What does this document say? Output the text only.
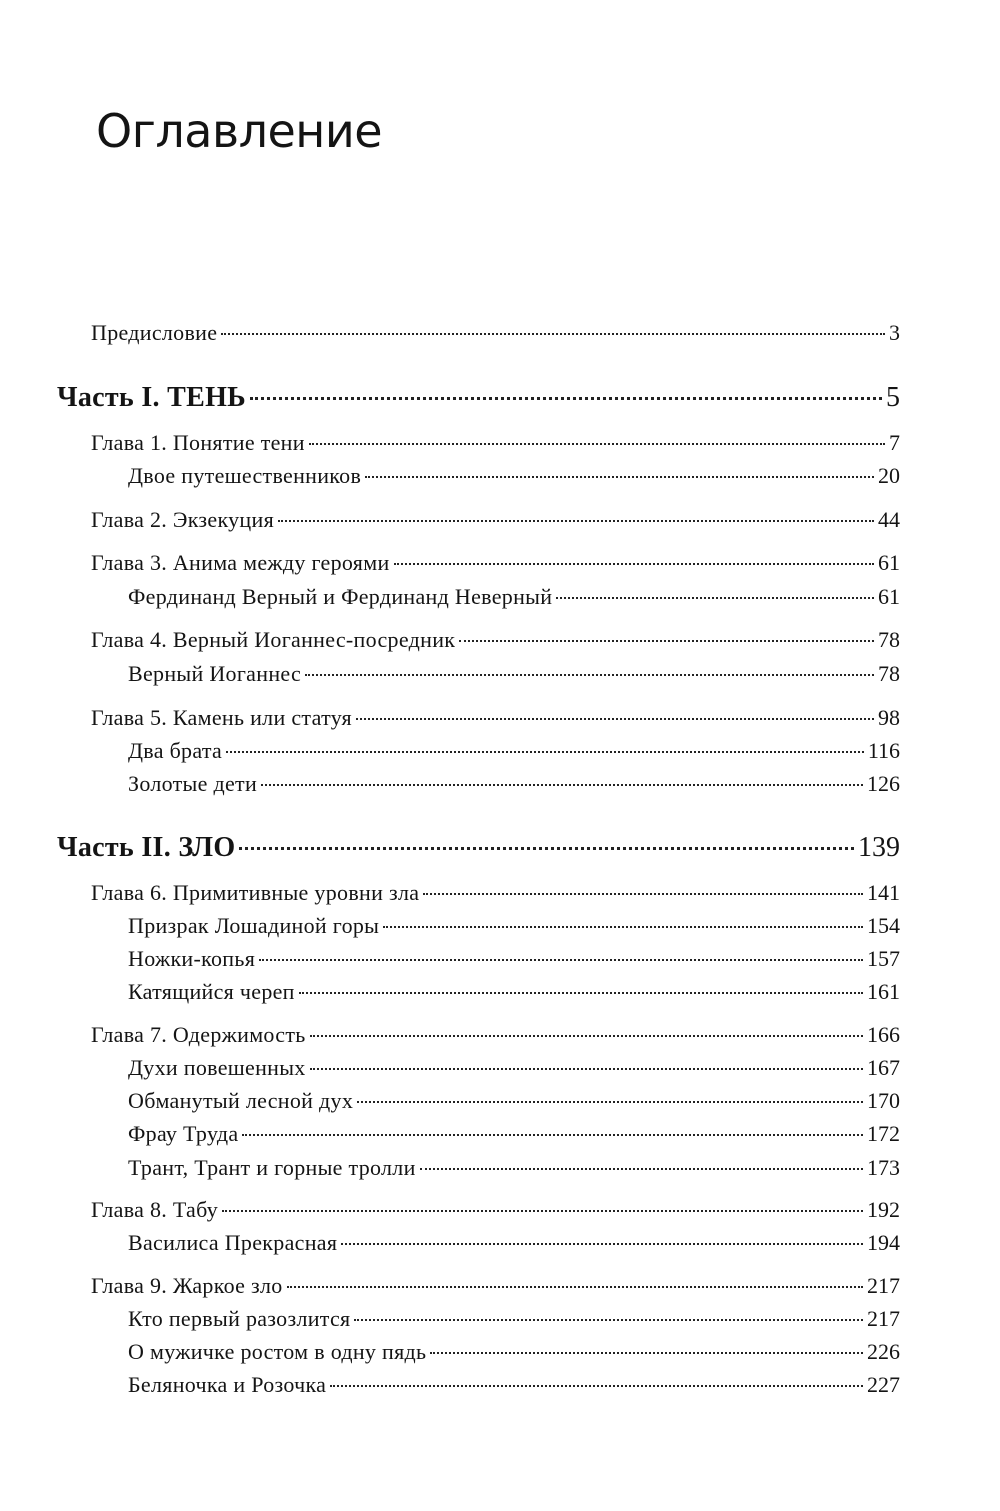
Оглавление
Предисловие	3
Часть I. ТЕНЬ	5
Глава 1. Понятие тени	7
Двое путешественников	20
Глава 2. Экзекуция	44
Глава 3. Анима между героями	61
Фердинанд Верный и Фердинанд Неверный	61
Глава 4. Верный Иоганнес-посредник	78
Верный Иоганнес	78
Глава 5. Камень или статуя	98
Два брата	116
Золотые дети	126
Часть II. ЗЛО	139
Глава 6. Примитивные уровни зла	141
Призрак Лошадиной горы	154
Ножки-копья	157
Катящийся череп	161
Глава 7. Одержимость	166
Духи повешенных	167
Обманутый лесной дух	170
Фрау Труда	172
Трант, Трант и горные тролли	173
Глава 8. Табу	192
Василиса Прекрасная	194
Глава 9. Жаркое зло	217
Кто первый разозлится	217
О мужичке ростом в одну пядь	226
Беляночка и Розочка	227
